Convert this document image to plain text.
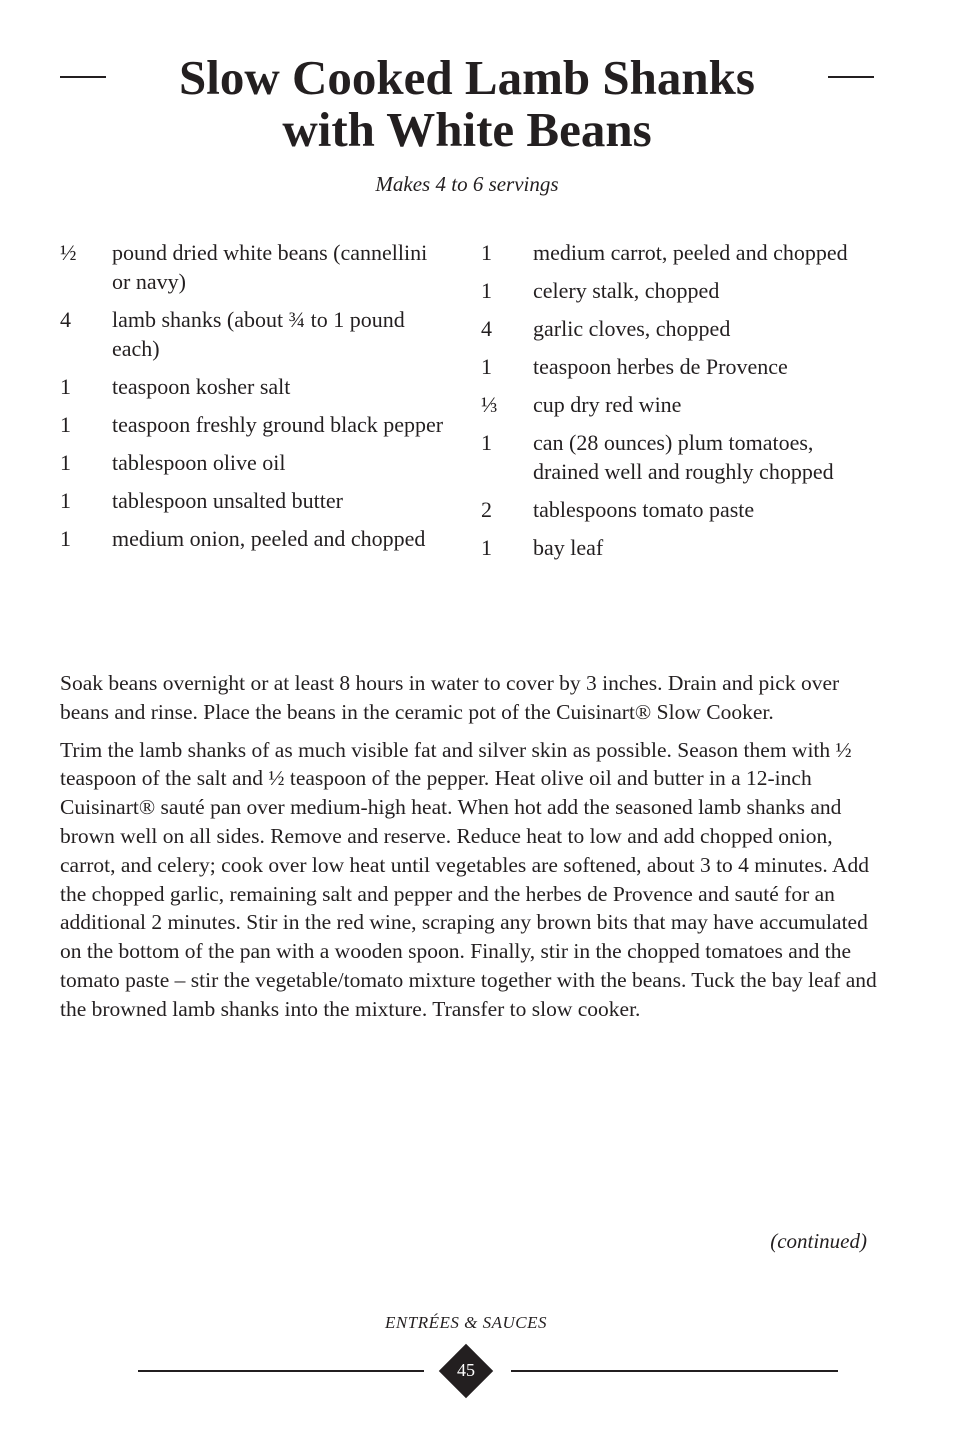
Slow Cooked Lamb Shanks
with White Beans
Makes 4 to 6 servings
½	pound dried white beans (cannellini or navy)
4	lamb shanks (about ¾ to 1 pound each)
1	teaspoon kosher salt
1	teaspoon freshly ground black pepper
1	tablespoon olive oil
1	tablespoon unsalted butter
1	medium onion, peeled and chopped
1	medium carrot, peeled and chopped
1	celery stalk, chopped
4	garlic cloves, chopped
1	teaspoon herbes de Provence
⅓	cup dry red wine
1	can (28 ounces) plum tomatoes, drained well and roughly chopped
2	tablespoons tomato paste
1	bay leaf

Soak beans overnight or at least 8 hours in water to cover by 3 inches. Drain and pick over beans and rinse. Place the beans in the ceramic pot of the Cuisinart® Slow Cooker.

Trim the lamb shanks of as much visible fat and silver skin as possible. Season them with ½ teaspoon of the salt and ½ teaspoon of the pepper. Heat olive oil and butter in a 12-inch Cuisinart® sauté pan over medium-high heat. When hot add the seasoned lamb shanks and brown well on all sides. Remove and reserve. Reduce heat to low and add chopped onion, carrot, and celery; cook over low heat until vegetables are softened, about 3 to 4 minutes. Add the chopped garlic, remaining salt and pepper and the herbes de Provence and sauté for an additional 2 minutes. Stir in the red wine, scraping any brown bits that may have accumulated on the bottom of the pan with a wooden spoon. Finally, stir in the chopped tomatoes and the tomato paste – stir the vegetable/tomato mixture together with the beans. Tuck the bay leaf and the browned lamb shanks into the mixture. Transfer to slow cooker.

(continued)
ENTRÉES & SAUCES
45
